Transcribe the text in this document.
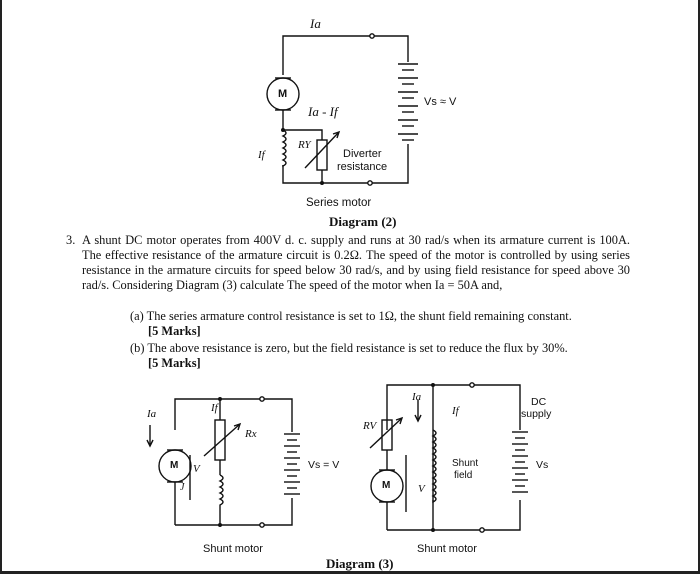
M
Ia
Ia - If
If
RY
Vs ≈ V
Diverter
resistance
Series motor
Diagram (2)
3. A shunt DC motor operates from 400V d. c. supply and runs at 30 rad/s when its armature current is 100A. The effective resistance of the armature circuit is 0.2Ω. The speed of the motor is controlled by using series resistance in the armature circuits for speed below 30 rad/s, and by using field resistance for speed above 30 rad/s. Considering Diagram (3) calculate The speed of the motor when Ia = 50A and,
(a) The series armature control resistance is set to 1Ω, the shunt field remaining constant.
[5 Marks]
(b) The above resistance is zero, but the field resistance is set to reduce the flux by 30%.
[5 Marks]
Ia	If
Rx
M V
J
Vs = V
Shunt motor
RV
Ia
If
Shunt
field
M	V
DC
supply
Vs
Shunt motor
Diagram (3)
